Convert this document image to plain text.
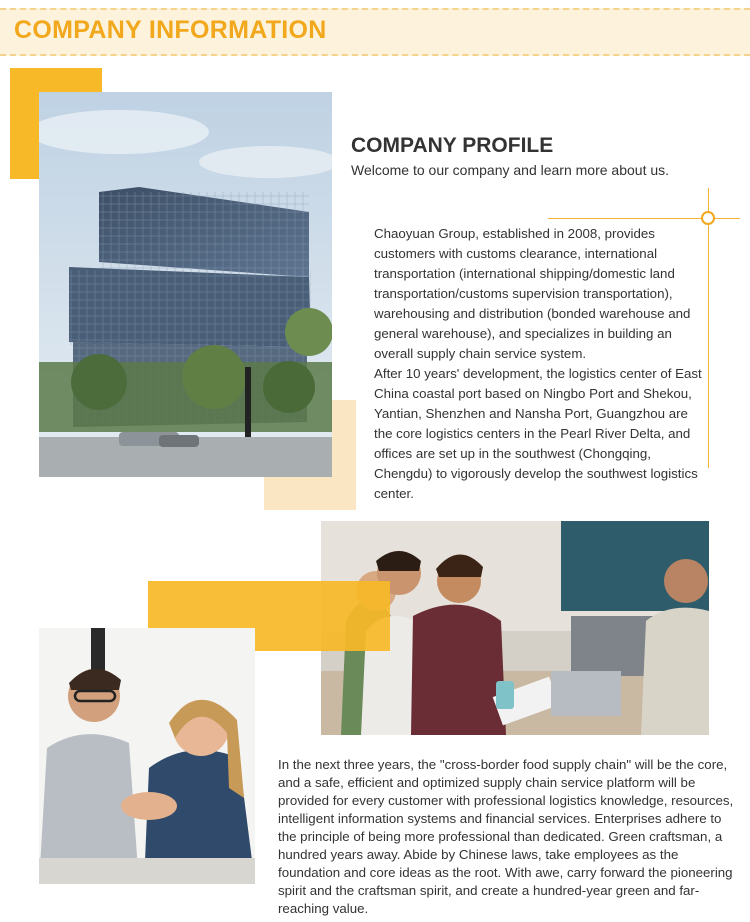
COMPANY INFORMATION
COMPANY PROFILE

Welcome to our company and learn more about us.

Chaoyuan Group, established in 2008, provides customers with customs clearance, international transportation (international shipping/domestic land transportation/customs supervision transportation), warehousing and distribution (bonded warehouse and general warehouse), and specializes in building an overall supply chain service system.

After 10 years' development, the logistics center of East China coastal port based on Ningbo Port and Shekou, Yantian, Shenzhen and Nansha Port, Guangzhou are the core logistics centers in the Pearl River Delta, and offices are set up in the southwest (Chongqing, Chengdu) to vigorously develop the southwest logistics center.

In the next three years, the "cross-border food supply chain" will be the core, and a safe, efficient and optimized supply chain service platform will be provided for every customer with professional logistics knowledge, resources, intelligent information systems and financial services. Enterprises adhere to the principle of being more professional than dedicated. Green craftsman, a hundred years away. Abide by Chinese laws, take employees as the foundation and core ideas as the root. With awe, carry forward the pioneering spirit and the craftsman spirit, and create a hundred-year green and far-reaching value.
